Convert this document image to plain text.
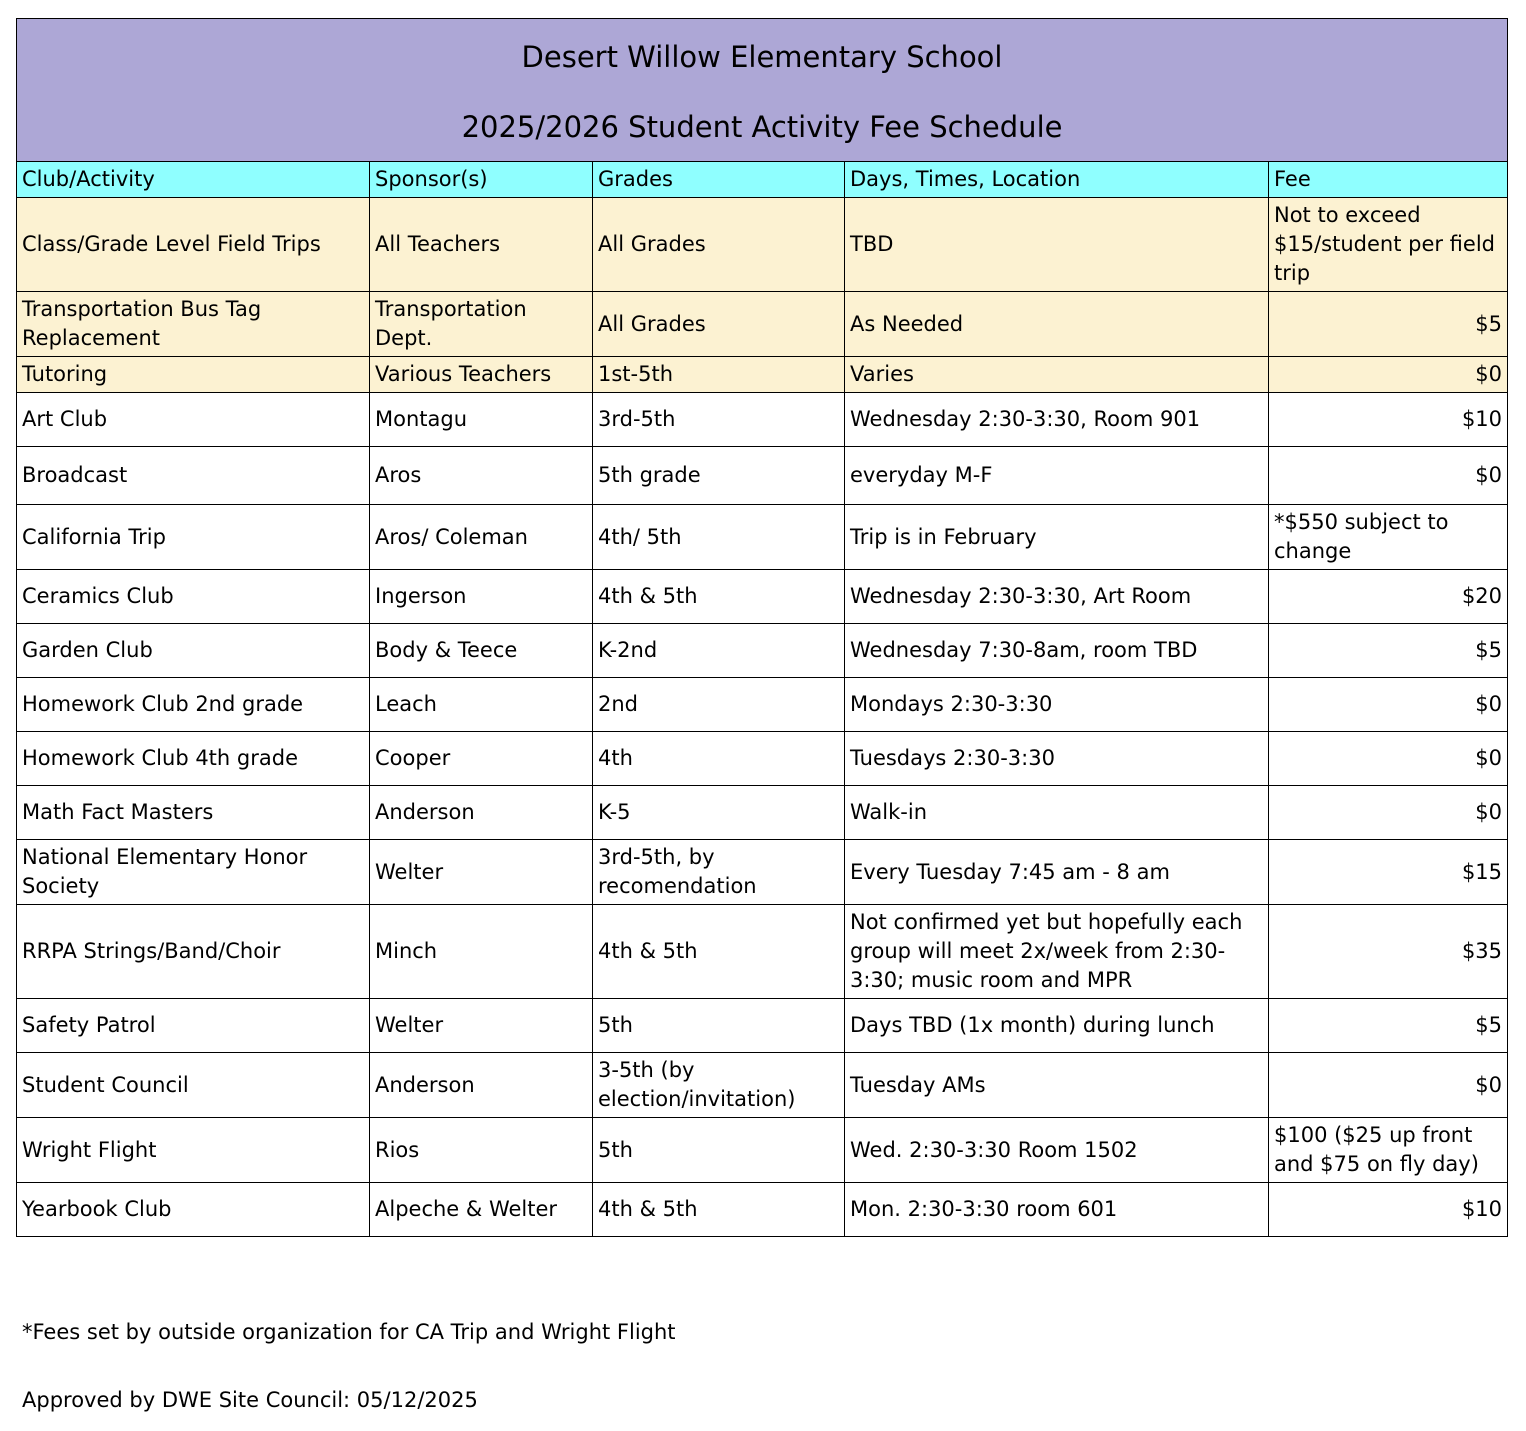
Desert Willow Elementary School
2025/2026 Student Activity Fee Schedule				

Club/Activity	Sponsor(s)	Grades	Days, Times, Location	Fee
Class/Grade Level Field Trips	All Teachers	All Grades	TBD	Not to exceed $15/student per field trip
Transportation Bus Tag Replacement	Transportation Dept.	All Grades	As Needed	$5
Tutoring	Various Teachers	1st-5th	Varies	$0
Art Club	Montagu	3rd-5th	Wednesday 2:30-3:30, Room 901	$10
Broadcast	Aros	5th grade	everyday M-F	$0
California Trip	Aros/ Coleman	4th/ 5th	Trip is in February	*$550 subject to change
Ceramics Club	Ingerson	4th & 5th	Wednesday 2:30-3:30, Art Room	$20
Garden Club	Body & Teece	K-2nd	Wednesday 7:30-8am, room TBD	$5
Homework Club 2nd grade	Leach	2nd	Mondays 2:30-3:30	$0
Homework Club 4th grade	Cooper	4th	Tuesdays 2:30-3:30	$0
Math Fact Masters	Anderson	K-5	Walk-in	$0
National Elementary Honor Society	Welter	3rd-5th, by recomendation	Every Tuesday 7:45 am - 8 am	$15
RRPA Strings/Band/Choir	Minch	4th & 5th	Not confirmed yet but hopefully each group will meet 2x/week from 2:30-3:30; music room and MPR	$35
Safety Patrol	Welter	5th	Days TBD (1x month) during lunch	$5
Student Council	Anderson	3-5th (by election/invitation)	Tuesday AMs	$0
Wright Flight	Rios	5th	Wed. 2:30-3:30 Room 1502	$100 ($25 up front and $75 on fly day)
Yearbook Club	Alpeche & Welter	4th & 5th	Mon. 2:30-3:30 room 601	$10
*Fees set by outside organization for CA Trip and Wright Flight
Approved by DWE Site Council: 05/12/2025
